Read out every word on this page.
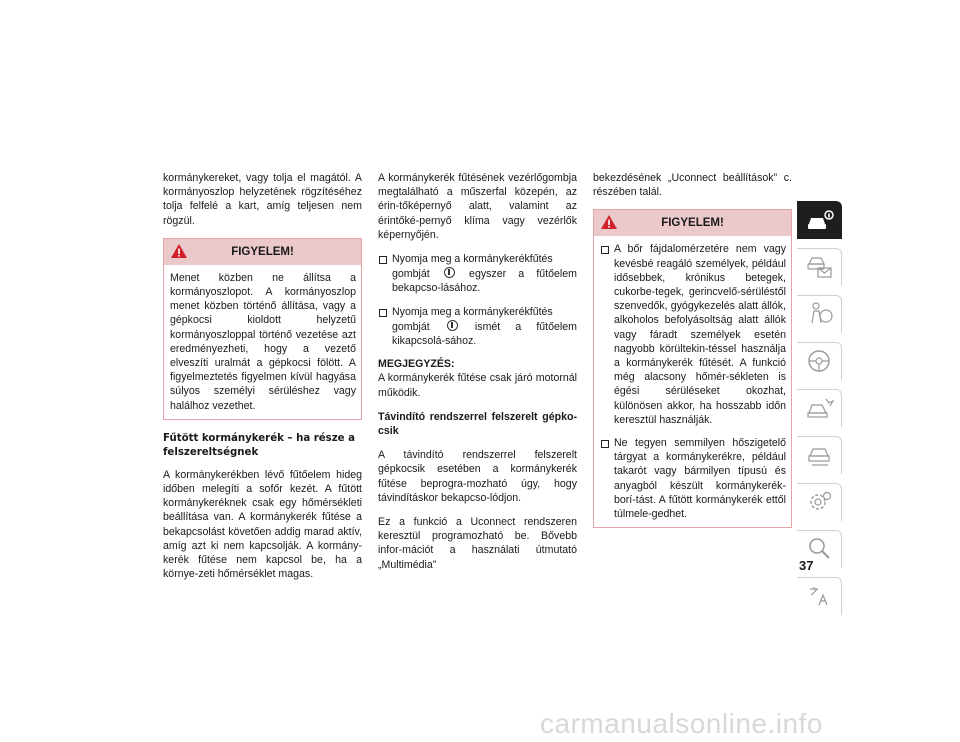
kormánykereket, vagy tolja el magától. A kormányoszlop helyzetének rögzítéséhez tolja felfelé a kart, amíg teljesen nem rögzül.

FIGYELEM!
Menet közben ne állítsa a kormányoszlopot. A kormányoszlop menet közben történő állítása, vagy a gépkocsi kioldott helyzetű kormányoszloppal történő vezetése azt eredményezheti, hogy a vezető elveszíti uralmát a gépkocsi fölött. A figyelmeztetés figyelmen kívül hagyása súlyos személyi sérüléshez vagy halálhoz vezethet.
Fűtött kormánykerék – ha része a felszereltségnek

A kormánykerékben lévő fűtőelem hideg időben melegíti a sofőr kezét. A fűtött kormánykeréknek csak egy hőmérsékleti beállítása van. A kormánykerék fűtése a bekapcsolást követően addig marad aktív, amíg azt ki nem kapcsolják. A kormány-kerék fűtése nem kapcsol be, ha a környe-zeti hőmérséklet magas.

A kormánykerék fűtésének vezérlőgombja megtalálható a műszerfal közepén, az érin-tőképernyő alatt, valamint az érintőké-pernyő klíma vagy vezérlők képernyőjén.

Nyomja meg a kormánykerékfűtés
gombját	egyszer a fűtőelem bekapcso-lásához.
Nyomja meg a kormánykerékfűtés
gombját	ismét a fűtőelem kikapcsolá-sához.

MEGJEGYZÉS:
A kormánykerék fűtése csak járó motornál működik.

Távindító rendszerrel felszerelt gépko-csik

A távindító rendszerrel felszerelt gépkocsik esetében a kormánykerék fűtése beprogra-mozható úgy, hogy távindításkor bekapcso-lódjon.

Ez a funkció a Uconnect rendszeren keresztül programozható be. Bővebb infor-mációt a használati útmutató „Multimédia”

bekezdésének „Uconnect beállítások” c. részében talál.

FIGYELEM!
A bőr fájdalomérzetére nem vagy kevésbé reagáló személyek, például idősebbek, krónikus betegek, cukorbe-tegek, gerincvelő-sérüléstől szenvedők, gyógykezelés alatt állók, alkoholos befolyásoltság alatt állók vagy fáradt személyek esetén nagyobb körültekin-téssel használja a kormánykerék fűtését. A funkció még alacsony hőmér-sékleten is égési sérüléseket okozhat, különösen akkor, ha hosszabb időn keresztül használják.
Ne tegyen semmilyen hőszigetelő tárgyat a kormánykerékre, például takarót vagy bármilyen típusú és anyagból készült kormánykerék-borí-tást. A fűtött kormánykerék ettől túlmele-gedhet.
37
carmanualsonline.info
